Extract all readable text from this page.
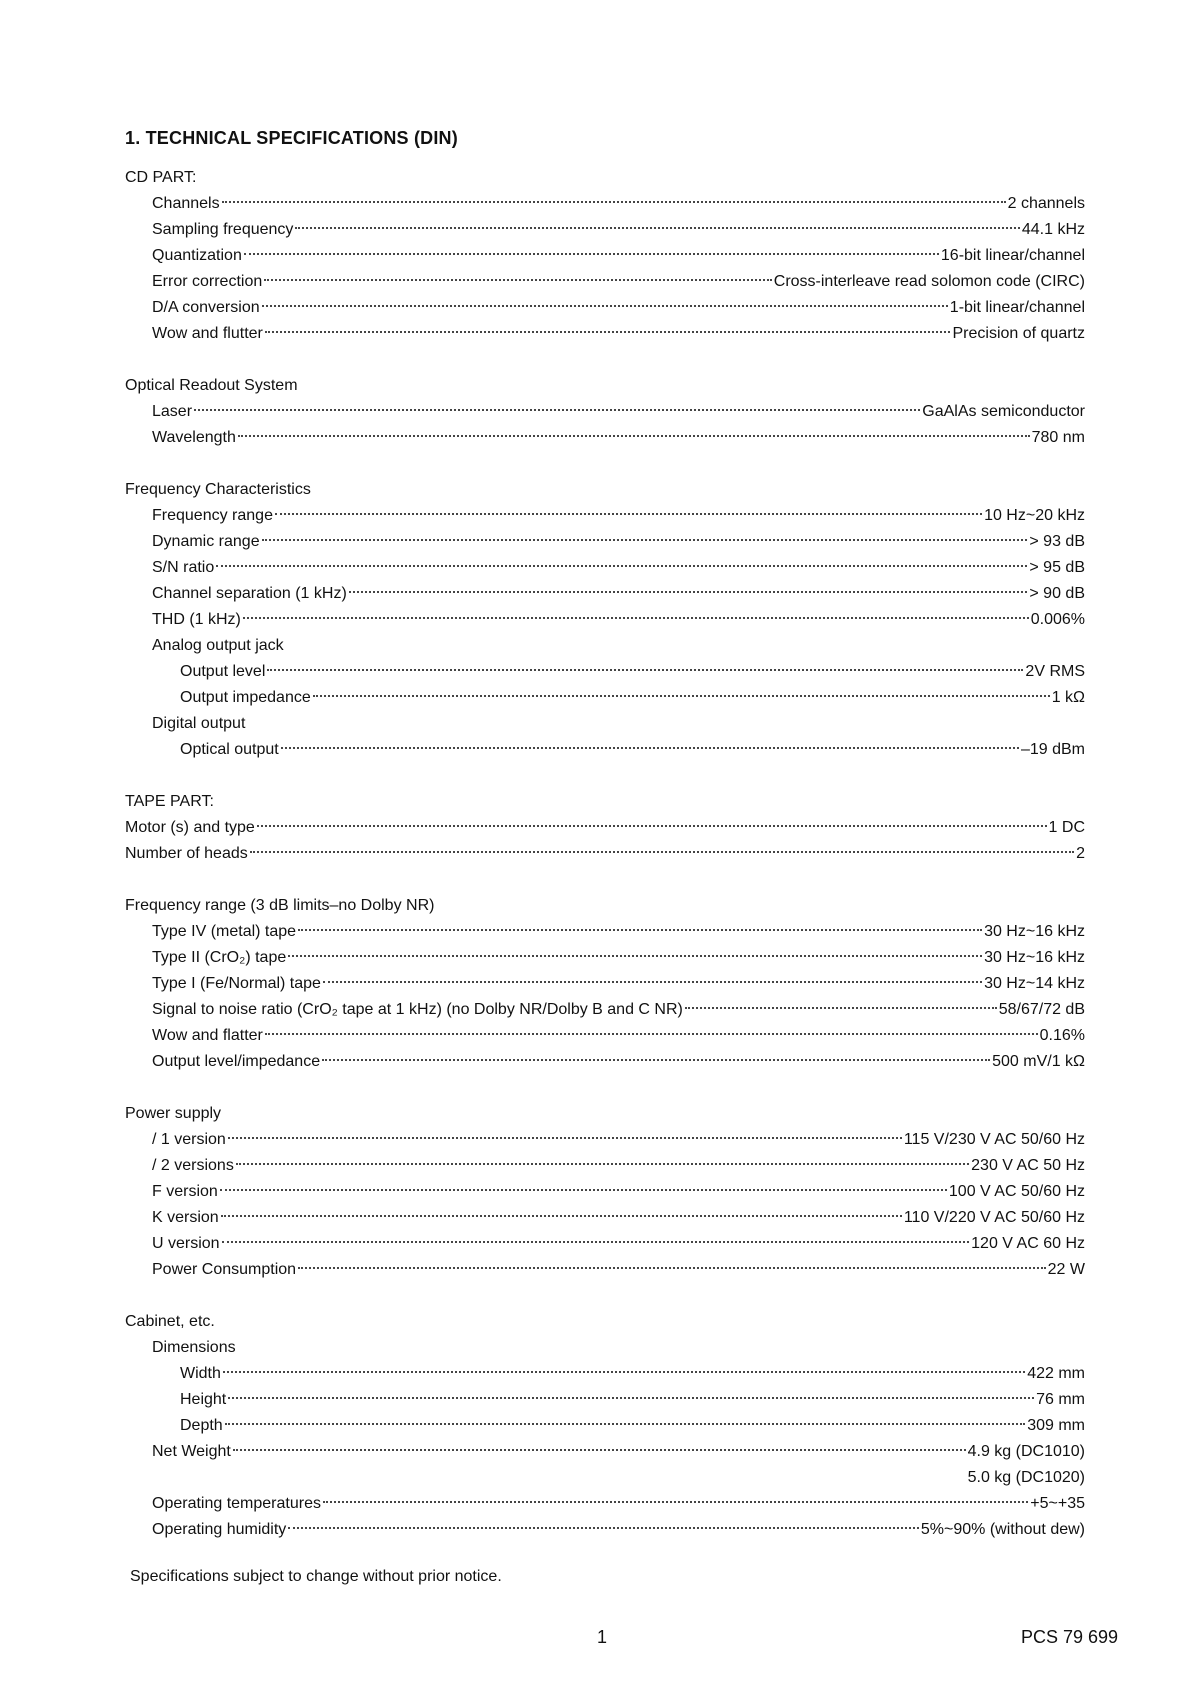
1. TECHNICAL SPECIFICATIONS (DIN)
CD PART:
Channels	2 channels
Sampling frequency	44.1 kHz
Quantization	16-bit linear/channel
Error correction	Cross-interleave read solomon code (CIRC)
D/A conversion	1-bit linear/channel
Wow and flutter	Precision of quartz
Optical Readout System
Laser	GaAlAs semiconductor
Wavelength	780 nm
Frequency Characteristics
Frequency range	10 Hz~20 kHz
Dynamic range	> 93 dB
S/N ratio	> 95 dB
Channel separation (1 kHz)	> 90 dB
THD (1 kHz)	0.006%
Analog output jack
Output level	2V RMS
Output impedance	1 kΩ
Digital output
Optical output	–19 dBm
TAPE PART:
Motor (s) and type	1 DC
Number of heads	2
Frequency range (3 dB limits–no Dolby NR)
Type IV (metal) tape	30 Hz~16 kHz
Type II (CrO₂) tape	30 Hz~16 kHz
Type I (Fe/Normal) tape	30 Hz~14 kHz
Signal to noise ratio (CrO₂ tape at 1 kHz) (no Dolby NR/Dolby B and C NR)	58/67/72 dB
Wow and flatter	0.16%
Output level/impedance	500 mV/1 kΩ
Power supply
/ 1 version	115 V/230 V AC 50/60 Hz
/ 2 versions	230 V AC 50 Hz
F version	100 V AC 50/60 Hz
K version	110 V/220 V AC 50/60 Hz
U version	120 V AC 60 Hz
Power Consumption	22 W
Cabinet, etc.
Dimensions
Width	422 mm
Height	76 mm
Depth	309 mm
Net Weight	4.9 kg (DC1010)
5.0 kg (DC1020)
Operating temperatures	+5~+35
Operating humidity	5%~90% (without dew)
Specifications subject to change without prior notice.
1	PCS 79 699
